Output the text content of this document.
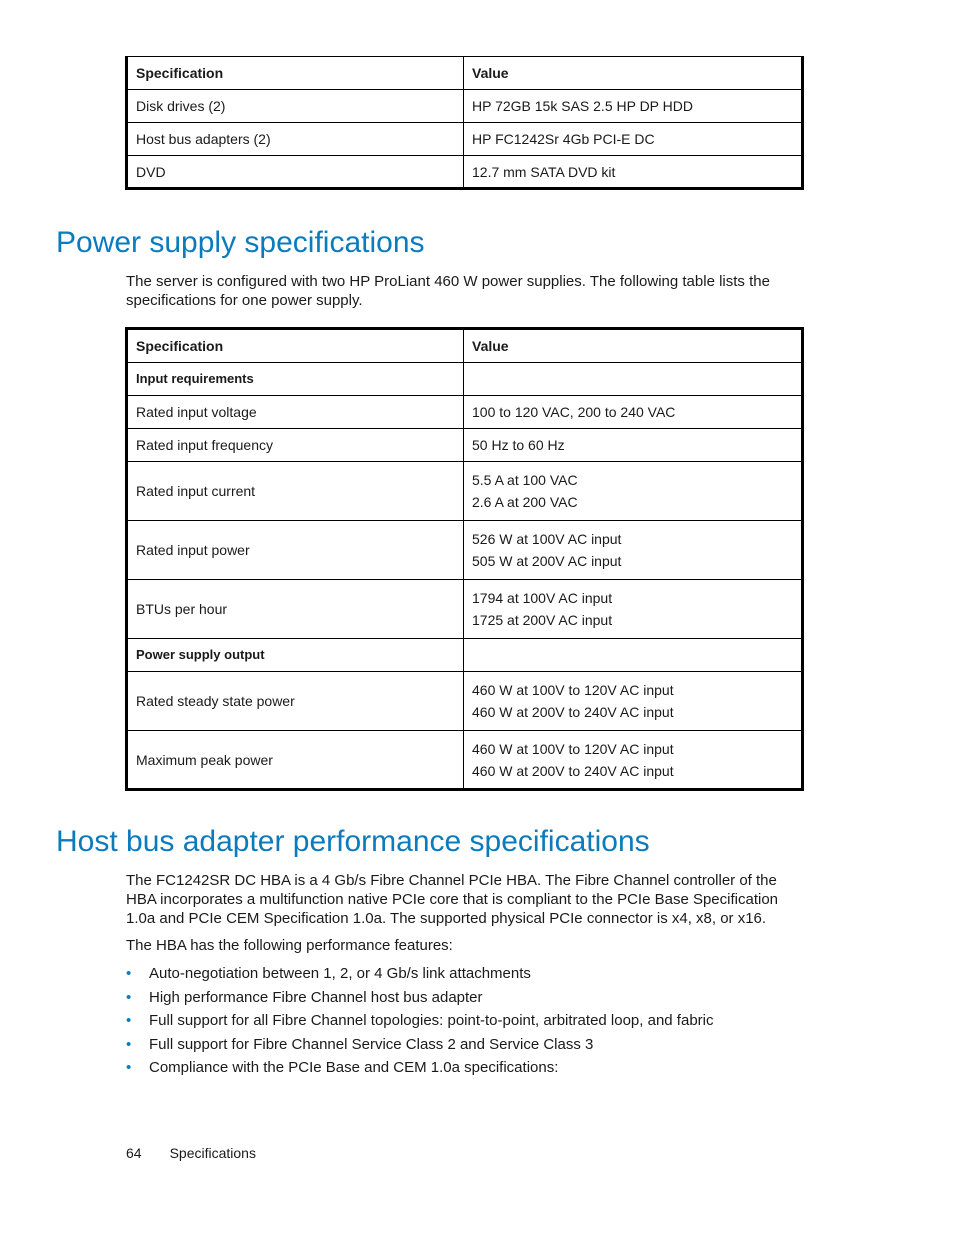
Specification	Value
Disk drives (2)	HP 72GB 15k SAS 2.5 HP DP HDD
Host bus adapters (2)	HP FC1242Sr 4Gb PCI-E DC
DVD	12.7 mm SATA DVD kit
Power supply specifications

The server is configured with two HP ProLiant 460 W power supplies. The following table lists the specifications for one power supply.

Specification	Value
Input requirements	
Rated input voltage	100 to 120 VAC, 200 to 240 VAC
Rated input frequency	50 Hz to 60 Hz
Rated input current	5.5 A at 100 VAC
2.6 A at 200 VAC

Rated input power	526 W at 100V AC input
505 W at 200V AC input

BTUs per hour	1794 at 100V AC input
1725 at 200V AC input

Power supply output	
Rated steady state power	460 W at 100V to 120V AC input
460 W at 200V to 240V AC input

Maximum peak power	460 W at 100V to 120V AC input
460 W at 200V to 240V AC input
Host bus adapter performance specifications

The FC1242SR DC HBA is a 4 Gb/s Fibre Channel PCIe HBA. The Fibre Channel controller of the HBA incorporates a multifunction native PCIe core that is compliant to the PCIe Base Specification 1.0a and PCIe CEM Specification 1.0a. The supported physical PCIe connector is x4, x8, or x16.

The HBA has the following performance features:

• Auto-negotiation between 1, 2, or 4 Gb/s link attachments
• High performance Fibre Channel host bus adapter
• Full support for all Fibre Channel topologies: point-to-point, arbitrated loop, and fabric
• Full support for Fibre Channel Service Class 2 and Service Class 3
• Compliance with the PCIe Base and CEM 1.0a specifications:
64 Specifications
